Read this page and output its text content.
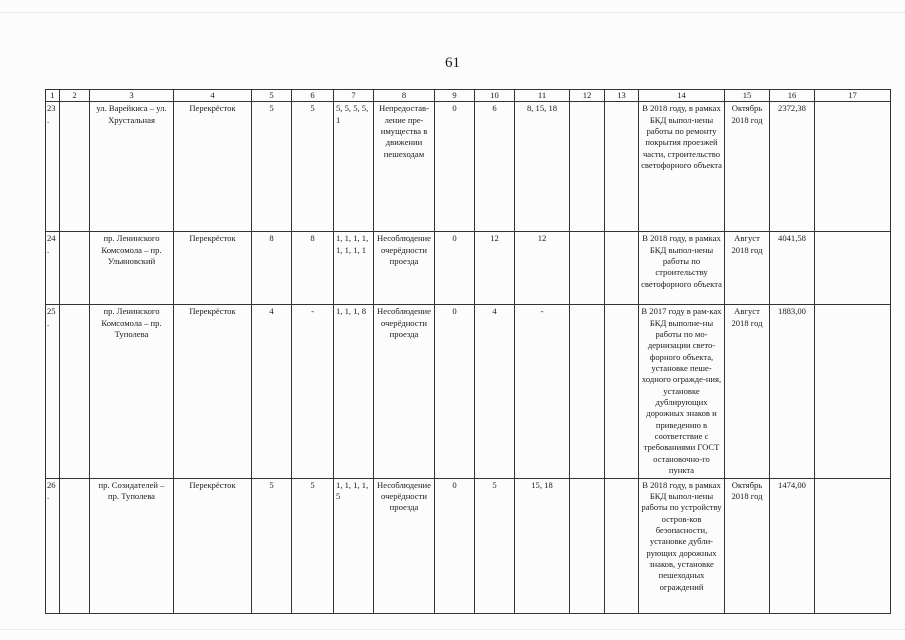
61
1	2	3	4	5	6	7	8	9	10	11	12	13	14	15	16	17
23.		ул. Варейкиса – ул. Хрустальная	Перекрёсток	5	5	5, 5, 5, 5, 1	Непредостав-ление пре-имущества в движении пешеходам	0	6	8, 15, 18			В 2018 году, в рамках БКД выпол-нены работы по ремонту покрытия проезжей части, строительство светофорного объекта	Октябрь 2018 год	2372,38	
24.		пр. Ленинского Комсомола – пр. Ульяновский	Перекрёсток	8	8	1, 1, 1, 1, 1, 1, 1, 1	Несоблюдение очерёдности проезда	0	12	12			В 2018 году, в рамках БКД выпол-нены работы по строительству светофорного объекта	Август 2018 год	4041,58	
25.		пр. Ленинского Комсомола – пр. Туполева	Перекрёсток	4	-	1, 1, 1, 8	Несоблюдение очерёдности проезда	0	4	-			В 2017 году в рам-ках БКД выполне-ны работы по мо-дернизации свето-форного объекта, установке пеше-ходного огражде-ния, установке дублирующих дорожных знаков и приведению в соответствие с требованиями ГОСТ остановочно-го пункта	Август 2018 год	1883,00	
26.		пр. Созидателей – пр. Туполева	Перекрёсток	5	5	1, 1, 1, 1, 5	Несоблюдение очерёдности проезда	0	5	15, 18			В 2018 году, в рамках БКД выпол-нены работы по устройству остров-ков безопасности, установке дубли-рующих дорожных знаков, установке пешеходных ограждений	Октябрь 2018 год	1474,00	
